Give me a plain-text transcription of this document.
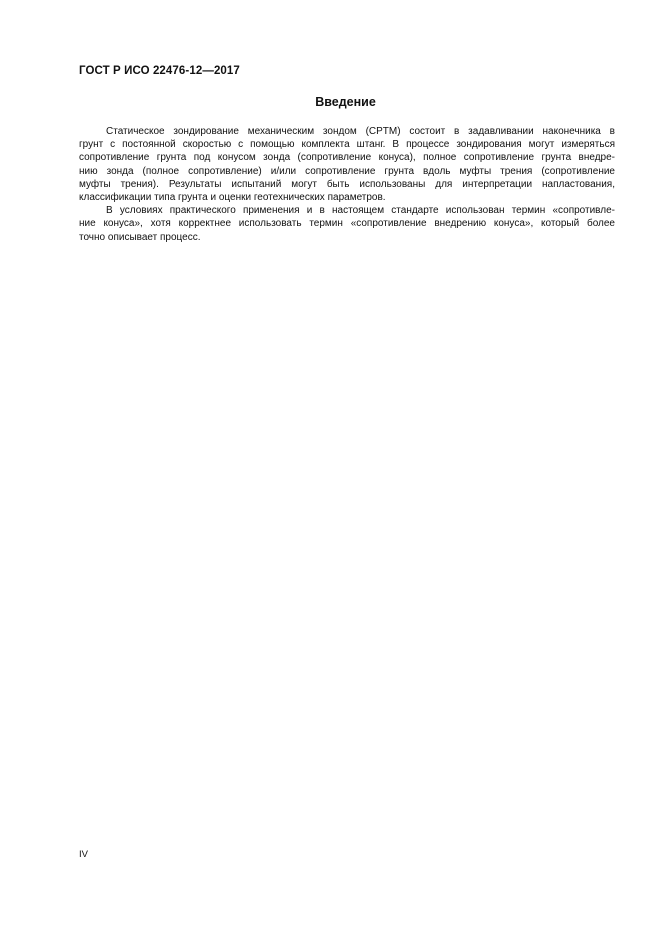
ГОСТ Р ИСО 22476-12—2017
Введение
Статическое зондирование механическим зондом (CPTM) состоит в задавливании наконечника в
грунт с постоянной скоростью с помощью комплекта штанг. В процессе зондирования могут измеряться
сопротивление грунта под конусом зонда (сопротивление конуса), полное сопротивление грунта внедре-
нию зонда (полное сопротивление) и/или сопротивление грунта вдоль муфты трения (сопротивление
муфты трения). Результаты испытаний могут быть использованы для интерпретации напластования,
классификации типа грунта и оценки геотехнических параметров.
В условиях практического применения и в настоящем стандарте использован термин «сопротивле-
ние конуса», хотя корректнее использовать термин «сопротивление внедрению конуса», который более
точно описывает процесс.
IV
